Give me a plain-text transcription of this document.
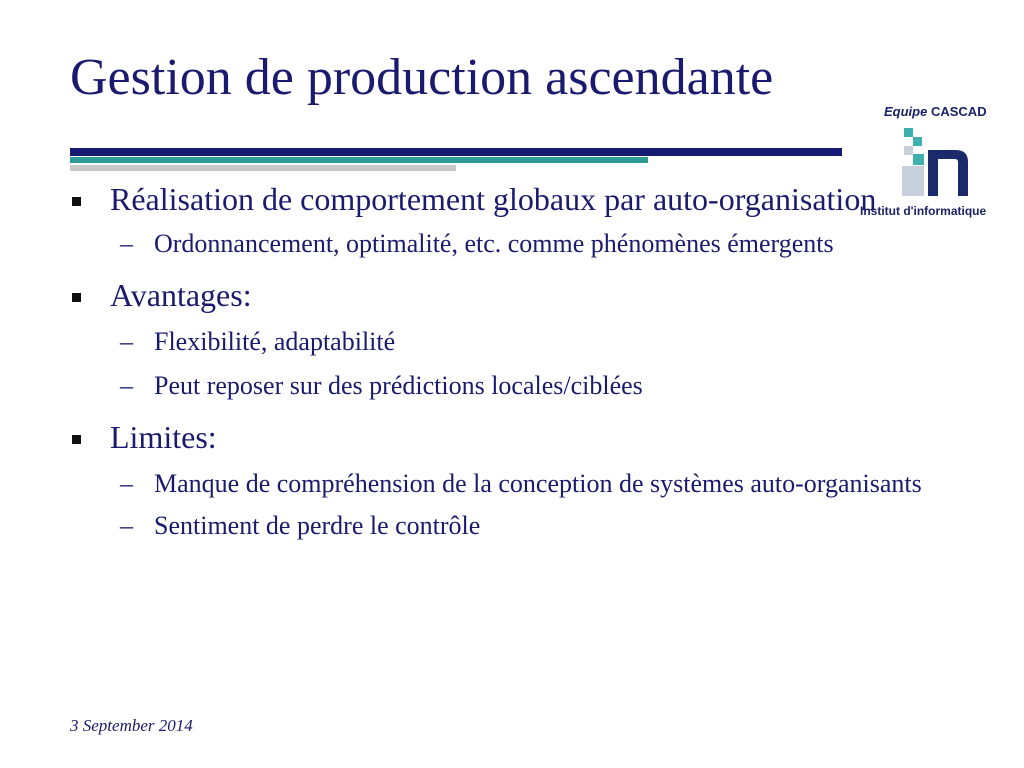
Gestion de production ascendante
Equipe CASCAD
Institut d'informatique
Réalisation de comportement globaux par auto-organisation
– Ordonnancement, optimalité, etc. comme phénomènes émergents
Avantages:
– Flexibilité, adaptabilité
– Peut reposer sur des prédictions locales/ciblées
Limites:
– Manque de compréhension de la conception de systèmes auto-organisants
– Sentiment de perdre le contrôle
3 September 2014
